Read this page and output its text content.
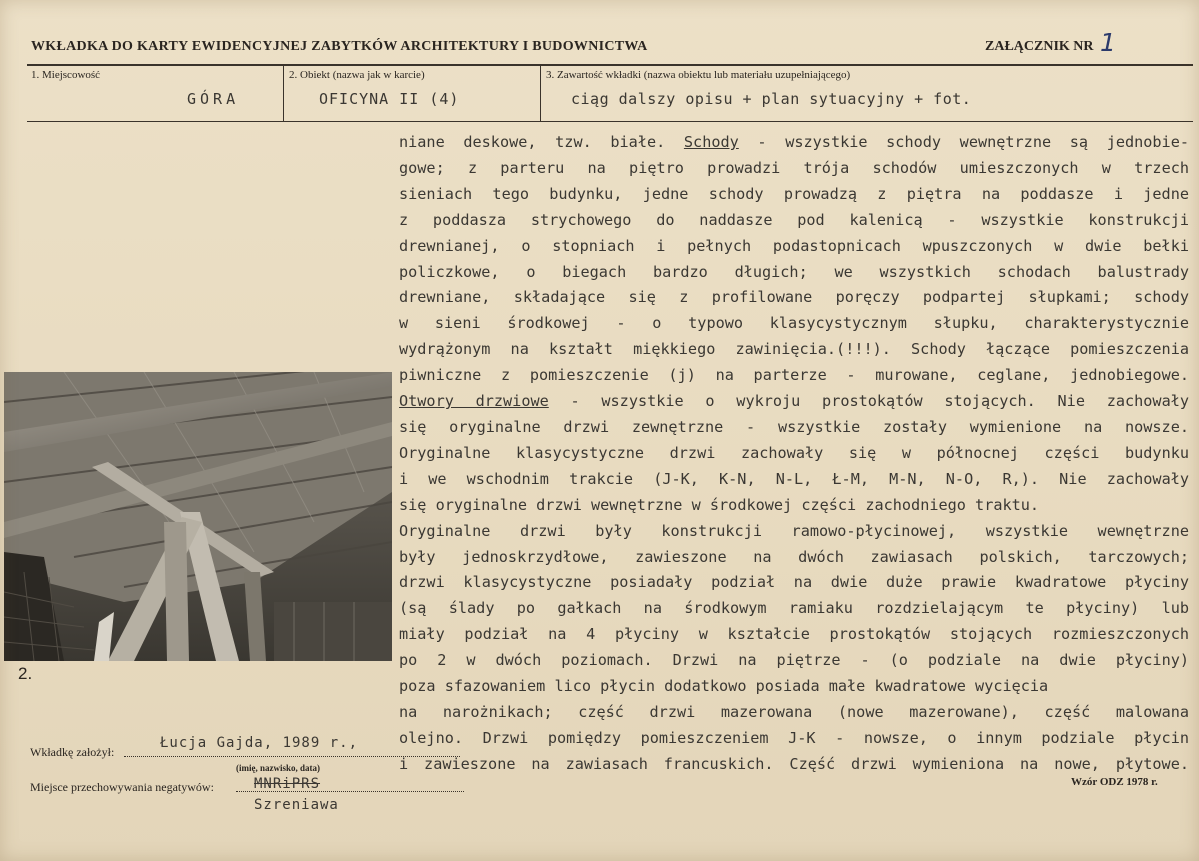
WKŁADKA DO KARTY EWIDENCYJNEJ ZABYTKÓW ARCHITEKTURY I BUDOWNICTWA	ZAŁĄCZNIK NR 1
1. Miejscowość	2. Obiekt (nazwa jak w karcie)	3. Zawartość wkładki (nazwa obiektu lub materiału uzupełniającego)
GÓRA	OFICYNA II (4)	ciąg dalszy opisu + plan sytuacyjny + fot.
niane deskowe, tzw. białe. Schody - wszystkie schody wewnętrzne są jednobie-
gowe; z parteru na piętro prowadzi trója schodów umieszczonych w trzech
sieniach tego budynku, jedne schody prowadzą z piętra na poddasze i jedne
z poddasza strychowego do naddasze pod kalenicą - wszystkie konstrukcji
drewnianej, o stopniach i pełnych podastopnicach wpuszczonych w dwie bełki
policzkowe, o biegach bardzo długich; we wszystkich schodach balustrady
drewniane, składające się z profilowane poręczy podpartej słupkami; schody
w sieni środkowej - o typowo klasycystycznym słupku, charakterystycznie
wydrążonym na kształt miękkiego zawinięcia.(!!!). Schody łączące pomieszczenia
piwniczne z pomieszczenie (j) na parterze - murowane, ceglane, jednobiegowe.
Otwory drzwiowe - wszystkie o wykroju prostokątów stojących. Nie zachowały
się oryginalne drzwi zewnętrzne - wszystkie zostały wymienione na nowsze.
Oryginalne klasycystyczne drzwi zachowały się w północnej części budynku
i we wschodnim trakcie (J-K, K-N, N-L, Ł-M, M-N, N-O, R,). Nie zachowały
się oryginalne drzwi wewnętrzne w środkowej części zachodniego traktu.
Oryginalne drzwi były konstrukcji ramowo-płycinowej, wszystkie wewnętrzne
były jednoskrzydłowe, zawieszone na dwóch zawiasach polskich, tarczowych;
drzwi klasycystyczne posiadały podział na dwie duże prawie kwadratowe płyciny
(są ślady po gałkach na środkowym ramiaku rozdzielającym te płyciny) lub
miały podział na 4 płyciny w kształcie prostokątów stojących rozmieszczonych
po 2 w dwóch poziomach. Drzwi na piętrze - (o podziale na dwie płyciny)
poza sfazowaniem lico płycin dodatkowo posiada małe kwadratowe wycięcia
na narożnikach; część drzwi mazerowana (nowe mazerowane), część malowana
olejno. Drzwi pomiędzy pomieszczeniem J-K - nowsze, o innym podziale płycin
i zawieszone na zawiasach francuskich. Część drzwi wymieniona na nowe, płytowe.
2.
Wkładkę założył:
Łucja Gajda, 1989 r.,
(imię, nazwisko, data)
Miejsce przechowywania negatywów:	MNRiPRS
Szreniawa
Wzór ODZ 1978 r.
